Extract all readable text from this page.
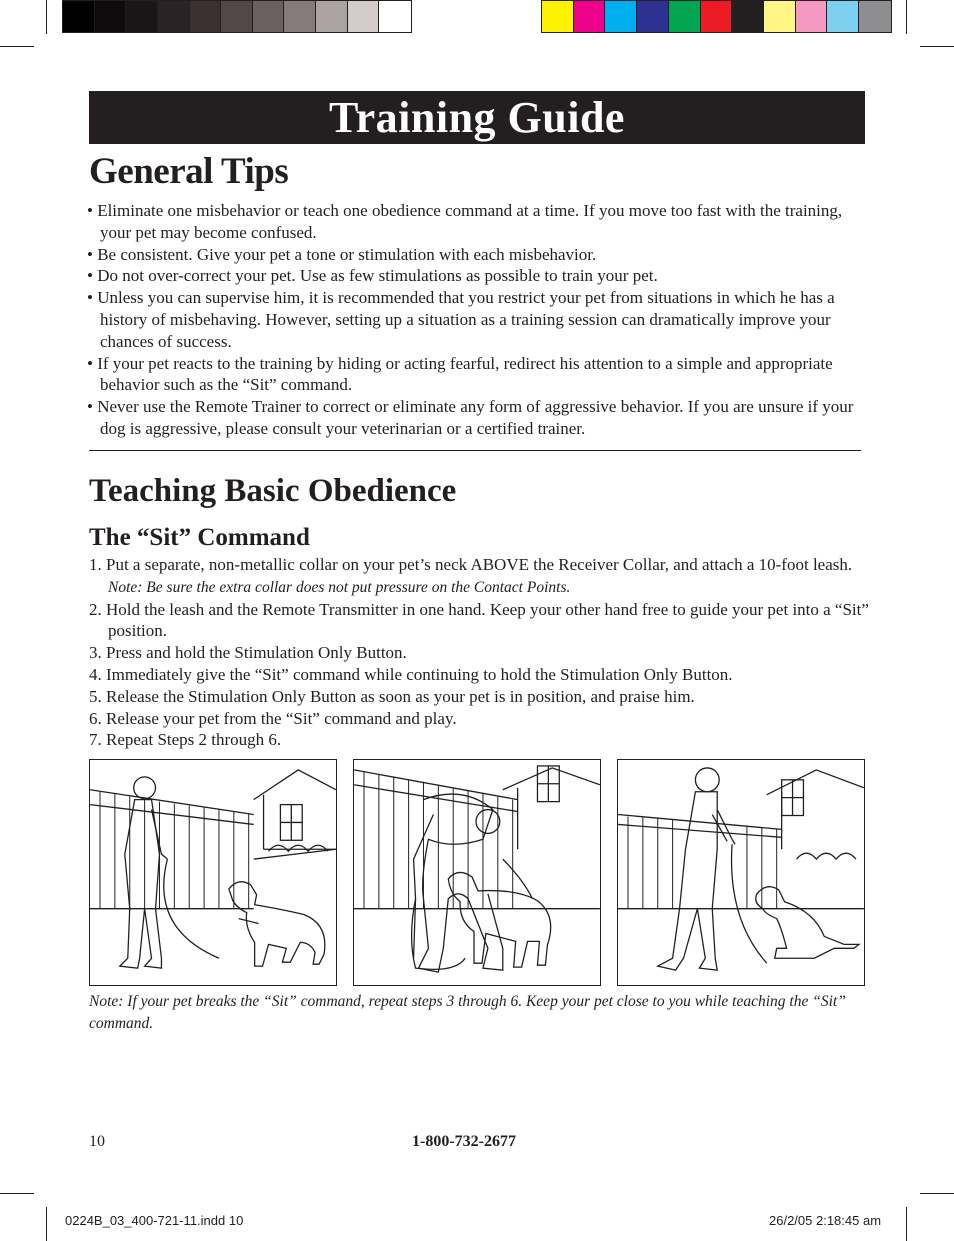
Training Guide
General Tips
• Eliminate one misbehavior or teach one obedience command at a time. If you move too fast with the training, your pet may become confused.
• Be consistent. Give your pet a tone or stimulation with each misbehavior.
• Do not over-correct your pet. Use as few stimulations as possible to train your pet.
• Unless you can supervise him, it is recommended that you restrict your pet from situations in which he has a history of misbehaving. However, setting up a situation as a training session can dramatically improve your chances of success.
• If your pet reacts to the training by hiding or acting fearful, redirect his attention to a simple and appropriate behavior such as the “Sit” command.
• Never use the Remote Trainer to correct or eliminate any form of aggressive behavior. If you are unsure if your dog is aggressive, please consult your veterinarian or a certified trainer.
Teaching Basic Obedience
The “Sit” Command
1. Put a separate, non-metallic collar on your pet’s neck ABOVE the Receiver Collar, and attach a 10-foot leash. Note: Be sure the extra collar does not put pressure on the Contact Points.
2. Hold the leash and the Remote Transmitter in one hand. Keep your other hand free to guide your pet into a “Sit” position.
3. Press and hold the Stimulation Only Button.
4. Immediately give the “Sit” command while continuing to hold the Stimulation Only Button.
5. Release the Stimulation Only Button as soon as your pet is in position, and praise him.
6. Release your pet from the “Sit” command and play.
7. Repeat Steps 2 through 6.
Note: If your pet breaks the “Sit” command, repeat steps 3 through 6. Keep your pet close to you while teaching the “Sit” command.
10	1-800-732-2677
0224B_03_400-721-11.indd 10	26/2/05 2:18:45 am
